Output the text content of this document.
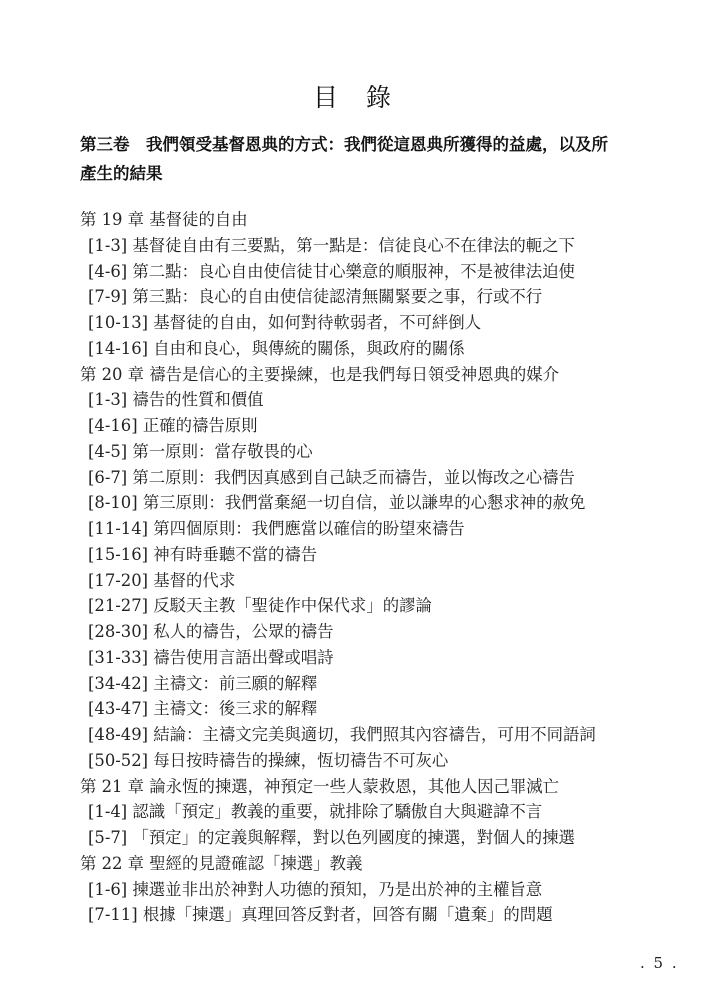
目 錄
第三卷　我們領受基督恩典的方式：我們從這恩典所獲得的益處，以及所
產生的結果
第 19 章 基督徒的自由
[1-3] 基督徒自由有三要點，第一點是：信徒良心不在律法的軛之下
[4-6] 第二點：良心自由使信徒甘心樂意的順服神，不是被律法迫使
[7-9] 第三點：良心的自由使信徒認清無關緊要之事，行或不行
[10-13] 基督徒的自由，如何對待軟弱者，不可絆倒人
[14-16] 自由和良心，與傳統的關係，與政府的關係
第 20 章 禱告是信心的主要操練，也是我們每日領受神恩典的媒介
[1-3] 禱告的性質和價值
[4-16] 正確的禱告原則
[4-5] 第一原則：當存敬畏的心
[6-7] 第二原則：我們因真感到自己缺乏而禱告，並以悔改之心禱告
[8-10] 第三原則：我們當棄絕一切自信，並以謙卑的心懇求神的赦免
[11-14] 第四個原則：我們應當以確信的盼望來禱告
[15-16] 神有時垂聽不當的禱告
[17-20] 基督的代求
[21-27] 反駁天主教「聖徒作中保代求」的謬論
[28-30] 私人的禱告，公眾的禱告
[31-33] 禱告使用言語出聲或唱詩
[34-42] 主禱文：前三願的解釋
[43-47] 主禱文：後三求的解釋
[48-49] 結論：主禱文完美與適切，我們照其內容禱告，可用不同語詞
[50-52] 每日按時禱告的操練，恆切禱告不可灰心
第 21 章 論永恆的揀選，神預定一些人蒙救恩，其他人因己罪滅亡
[1-4] 認識「預定」教義的重要，就排除了驕傲自大與避諱不言
[5-7] 「預定」的定義與解釋，對以色列國度的揀選，對個人的揀選
第 22 章 聖經的見證確認「揀選」教義
[1-6] 揀選並非出於神對人功德的預知，乃是出於神的主權旨意
[7-11] 根據「揀選」真理回答反對者，回答有關「遺棄」的問題
. 5 .
